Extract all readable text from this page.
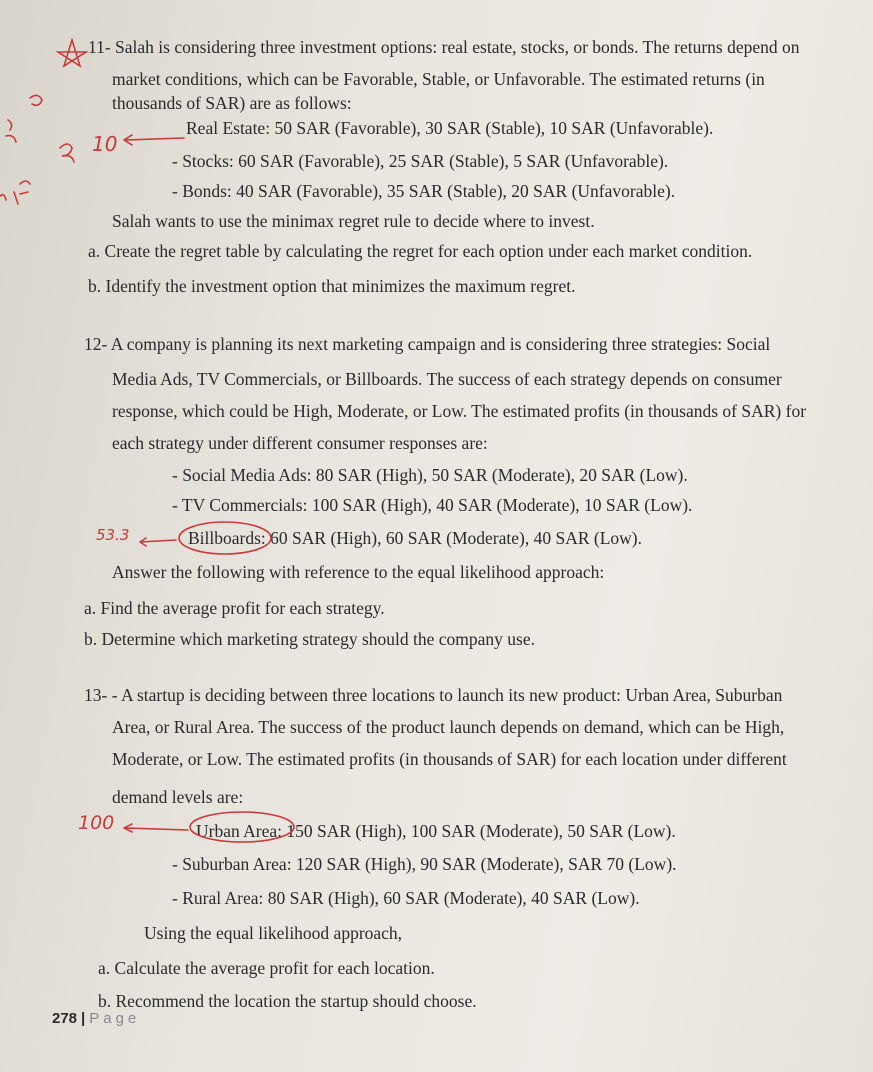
11- Salah is considering three investment options: real estate, stocks, or bonds. The returns depend on
market conditions, which can be Favorable, Stable, or Unfavorable. The estimated returns (in
thousands of SAR) are as follows:
Real Estate: 50 SAR (Favorable), 30 SAR (Stable), 10 SAR (Unfavorable).
- Stocks: 60 SAR (Favorable), 25 SAR (Stable), 5 SAR (Unfavorable).
- Bonds: 40 SAR (Favorable), 35 SAR (Stable), 20 SAR (Unfavorable).
Salah wants to use the minimax regret rule to decide where to invest.
a. Create the regret table by calculating the regret for each option under each market condition.
b. Identify the investment option that minimizes the maximum regret.
12- A company is planning its next marketing campaign and is considering three strategies: Social
Media Ads, TV Commercials, or Billboards. The success of each strategy depends on consumer
response, which could be High, Moderate, or Low. The estimated profits (in thousands of SAR) for
each strategy under different consumer responses are:
- Social Media Ads: 80 SAR (High), 50 SAR (Moderate), 20 SAR (Low).
- TV Commercials: 100 SAR (High), 40 SAR (Moderate), 10 SAR (Low).
Billboards: 60 SAR (High), 60 SAR (Moderate), 40 SAR (Low).
Answer the following with reference to the equal likelihood approach:
a. Find the average profit for each strategy.
b. Determine which marketing strategy should the company use.
13- - A startup is deciding between three locations to launch its new product: Urban Area, Suburban
Area, or Rural Area. The success of the product launch depends on demand, which can be High,
Moderate, or Low. The estimated profits (in thousands of SAR) for each location under different
demand levels are:
Urban Area: 150 SAR (High), 100 SAR (Moderate), 50 SAR (Low).
- Suburban Area: 120 SAR (High), 90 SAR (Moderate), SAR 70 (Low).
- Rural Area: 80 SAR (High), 60 SAR (Moderate), 40 SAR (Low).
Using the equal likelihood approach,
a. Calculate the average profit for each location.
b. Recommend the location the startup should choose.
278 | Page
10
53.3
100
